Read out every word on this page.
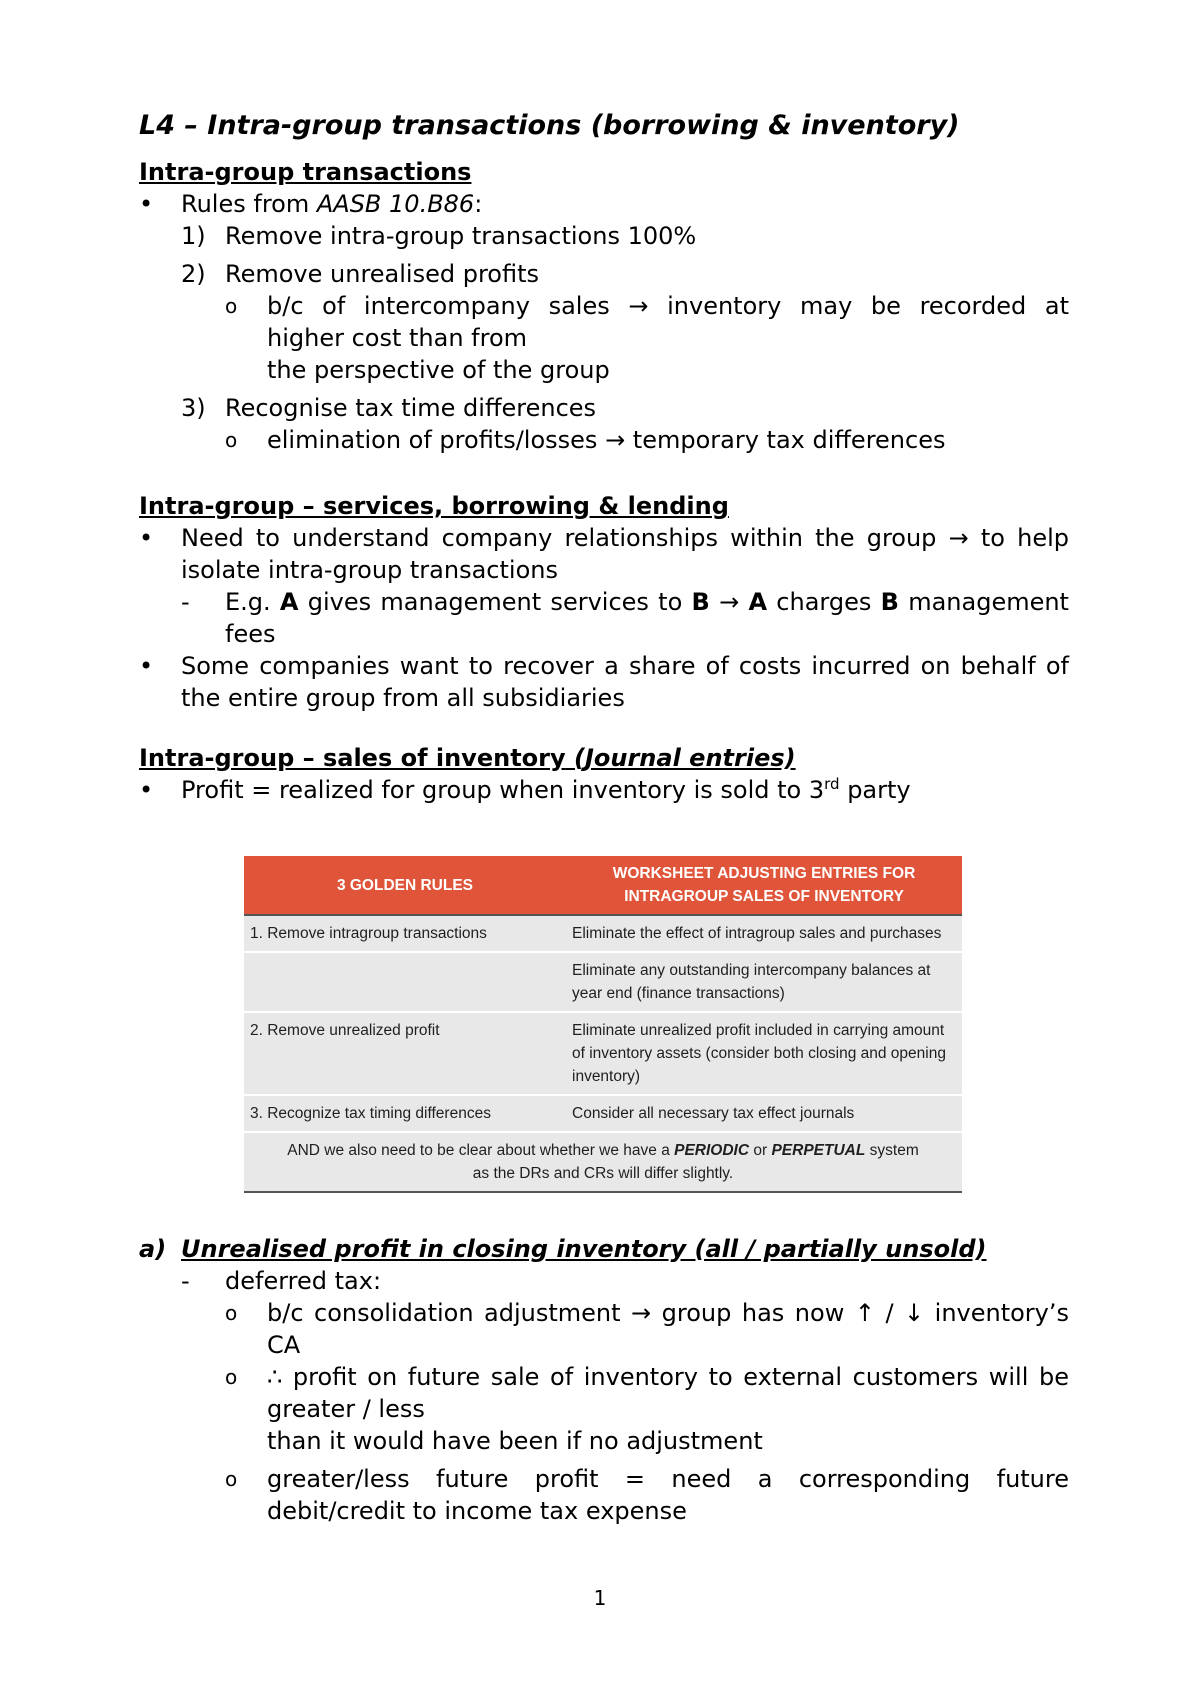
L4 – Intra-group transactions (borrowing & inventory)
Intra-group transactions
• Rules from AASB 10.B86:
1) Remove intra-group transactions 100%
2) Remove unrealised profits
o b/c of intercompany sales → inventory may be recorded at
higher cost than from
the perspective of the group
3) Recognise tax time differences
o elimination of profits/losses → temporary tax differences
Intra-group – services, borrowing & lending
• Need to understand company relationships within the group → to help
isolate intra-group transactions
- E.g. A gives management services to B → A charges B management
fees
• Some companies want to recover a share of costs incurred on behalf of
the entire group from all subsidiaries
Intra-group – sales of inventory (Journal entries)
• Profit = realized for group when inventory is sold to 3rd party
3 GOLDEN RULES	WORKSHEET ADJUSTING ENTRIES FOR
INTRAGROUP SALES OF INVENTORY

1. Remove intragroup transactions	Eliminate the effect of intragroup sales and purchases
	Eliminate any outstanding intercompany balances at year end (finance transactions)
2. Remove unrealized profit	Eliminate unrealized profit included in carrying amount of inventory assets (consider both closing and opening inventory)
3. Recognize tax timing differences	Consider all necessary tax effect journals
AND we also need to be clear about whether we have a PERIODIC or PERPETUAL system
as the DRs and CRs will differ slightly.	
a) Unrealised profit in closing inventory (all / partially unsold)
- deferred tax:
o b/c consolidation adjustment → group has now ↑ / ↓ inventory’s
CA
o ∴ profit on future sale of inventory to external customers will be
greater / less
than it would have been if no adjustment
o greater/less future profit = need a corresponding future
debit/credit to income tax expense
1
